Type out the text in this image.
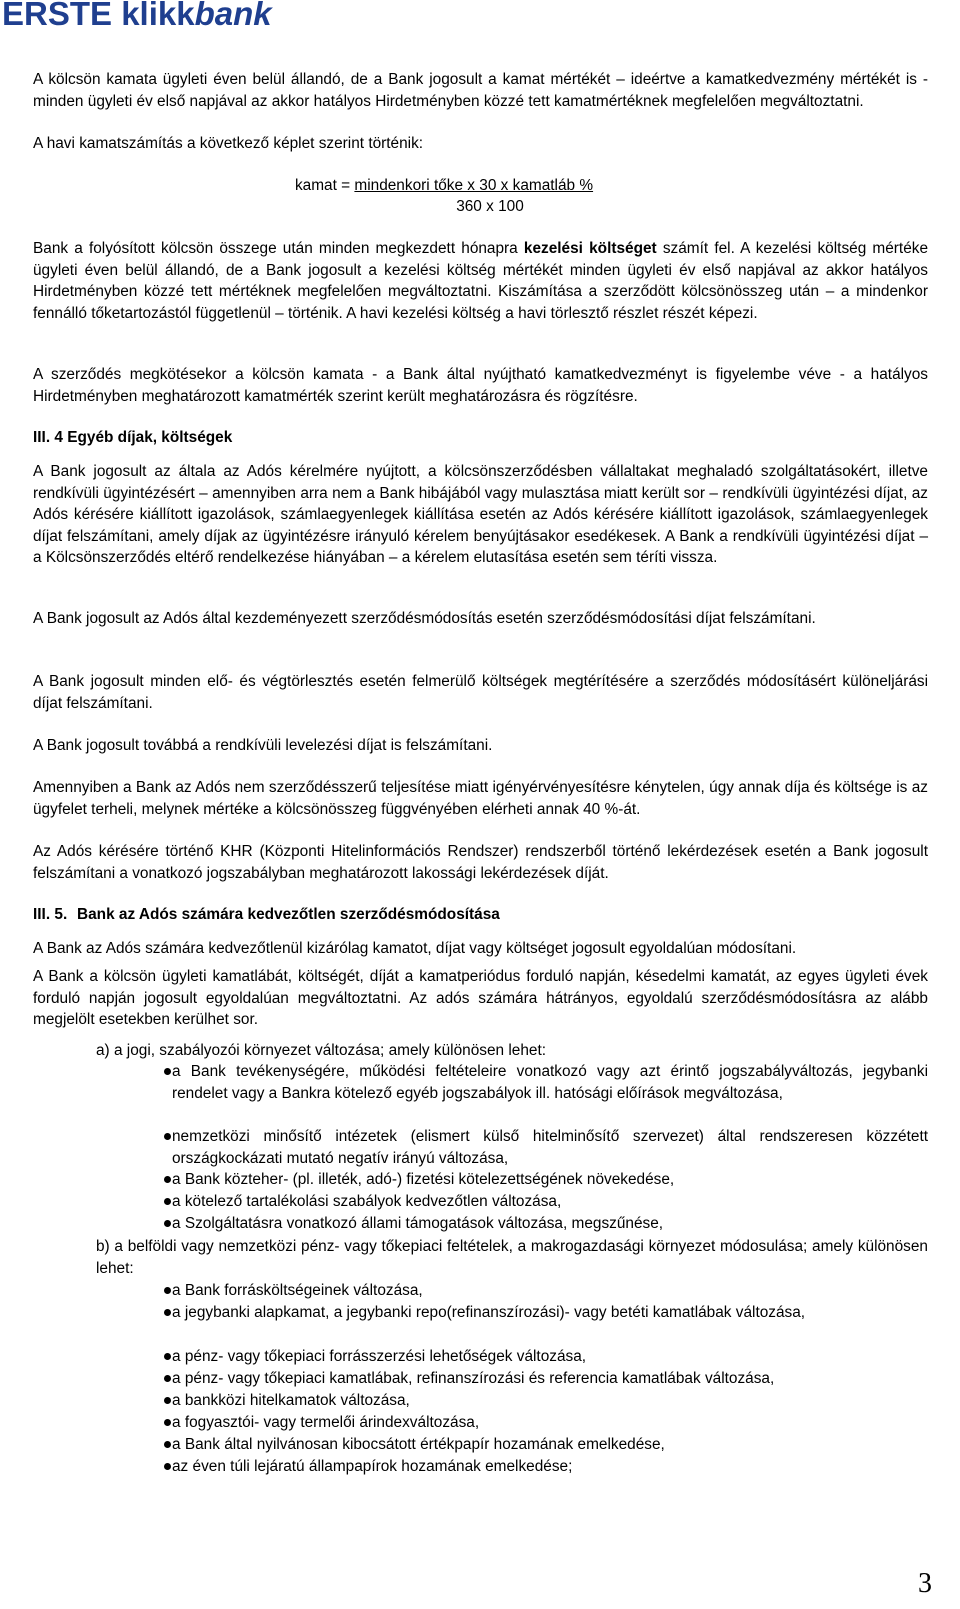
ERSTE klikkbank

A kölcsön kamata ügyleti éven belül állandó, de a Bank jogosult a kamat mértékét – ideértve a kamatkedvezmény mértékét is - minden ügyleti év első napjával az akkor hatályos Hirdetményben közzé tett kamatmértéknek megfelelően megváltoztatni.

A havi kamatszámítás a következő képlet szerint történik:

kamat = mindenkori tőke x 30 x kamatláb %

360 x 100

Bank a folyósított kölcsön összege után minden megkezdett hónapra kezelési költséget számít fel. A kezelési költség mértéke ügyleti éven belül állandó, de a Bank jogosult a kezelési költség mértékét minden ügyleti év első napjával az akkor hatályos Hirdetményben közzé tett mértéknek megfelelően megváltoztatni. Kiszámítása a szerződött kölcsönösszeg után – a mindenkor fennálló tőketartozástól függetlenül – történik. A havi kezelési költség a havi törlesztő részlet részét képezi.

A szerződés megkötésekor a kölcsön kamata - a Bank által nyújtható kamatkedvezményt is figyelembe véve - a hatályos Hirdetményben meghatározott kamatmérték szerint került meghatározásra és rögzítésre.

III. 4 Egyéb díjak, költségek

A Bank jogosult az általa az Adós kérelmére nyújtott, a kölcsönszerződésben vállaltakat meghaladó szolgáltatásokért, illetve rendkívüli ügyintézésért – amennyiben arra nem a Bank hibájából vagy mulasztása miatt került sor – rendkívüli ügyintézési díjat, az Adós kérésére kiállított igazolások, számlaegyenlegek kiállítása esetén az Adós kérésére kiállított igazolások, számlaegyenlegek díjat felszámítani, amely díjak az ügyintézésre irányuló kérelem benyújtásakor esedékesek. A Bank a rendkívüli ügyintézési díjat – a Kölcsönszerződés eltérő rendelkezése hiányában – a kérelem elutasítása esetén sem téríti vissza.

A Bank jogosult az Adós által kezdeményezett szerződésmódosítás esetén szerződésmódosítási díjat felszámítani.

A Bank jogosult minden elő- és végtörlesztés esetén felmerülő költségek megtérítésére a szerződés módosításért különeljárási díjat felszámítani.

A Bank jogosult továbbá a rendkívüli levelezési díjat is felszámítani.

Amennyiben a Bank az Adós nem szerződésszerű teljesítése miatt igényérvényesítésre kénytelen, úgy annak díja és költsége is az ügyfelet terheli, melynek mértéke a kölcsönösszeg függvényében elérheti annak 40 %-át.

Az Adós kérésére történő KHR (Központi Hitelinformációs Rendszer) rendszerből történő lekérdezések esetén a Bank jogosult felszámítani a vonatkozó jogszabályban meghatározott lakossági lekérdezések díját.

III. 5. Bank az Adós számára kedvezőtlen szerződésmódosítása

A Bank az Adós számára kedvezőtlenül kizárólag kamatot, díjat vagy költséget jogosult egyoldalúan módosítani.

A Bank a kölcsön ügyleti kamatlábát, költségét, díját a kamatperiódus forduló napján, késedelmi kamatát, az egyes ügyleti évek forduló napján jogosult egyoldalúan megváltoztatni. Az adós számára hátrányos, egyoldalú szerződésmódosításra az alább megjelölt esetekben kerülhet sor.

a) a jogi, szabályozói környezet változása; amely különösen lehet:

a Bank tevékenységére, működési feltételeire vonatkozó vagy azt érintő jogszabályváltozás, jegybanki rendelet vagy a Bankra kötelező egyéb jogszabályok ill. hatósági előírások megváltozása,

nemzetközi minősítő intézetek (elismert külső hitelminősítő szervezet) által rendszeresen közzétett országkockázati mutató negatív irányú változása,

a Bank közteher- (pl. illeték, adó-) fizetési kötelezettségének növekedése,

a kötelező tartalékolási szabályok kedvezőtlen változása,

a Szolgáltatásra vonatkozó állami támogatások változása, megszűnése,

b) a belföldi vagy nemzetközi pénz- vagy tőkepiaci feltételek, a makrogazdasági környezet módosulása; amely különösen lehet:

a Bank forrásköltségeinek változása,

a jegybanki alapkamat, a jegybanki repo(refinanszírozási)- vagy betéti kamatlábak változása,

a pénz- vagy tőkepiaci forrásszerzési lehetőségek változása,

a pénz- vagy tőkepiaci kamatlábak, refinanszírozási és referencia kamatlábak változása,

a bankközi hitelkamatok változása,

a fogyasztói- vagy termelői árindexváltozása,

a Bank által nyilvánosan kibocsátott értékpapír hozamának emelkedése,

az éven túli lejáratú állampapírok hozamának emelkedése;

3
